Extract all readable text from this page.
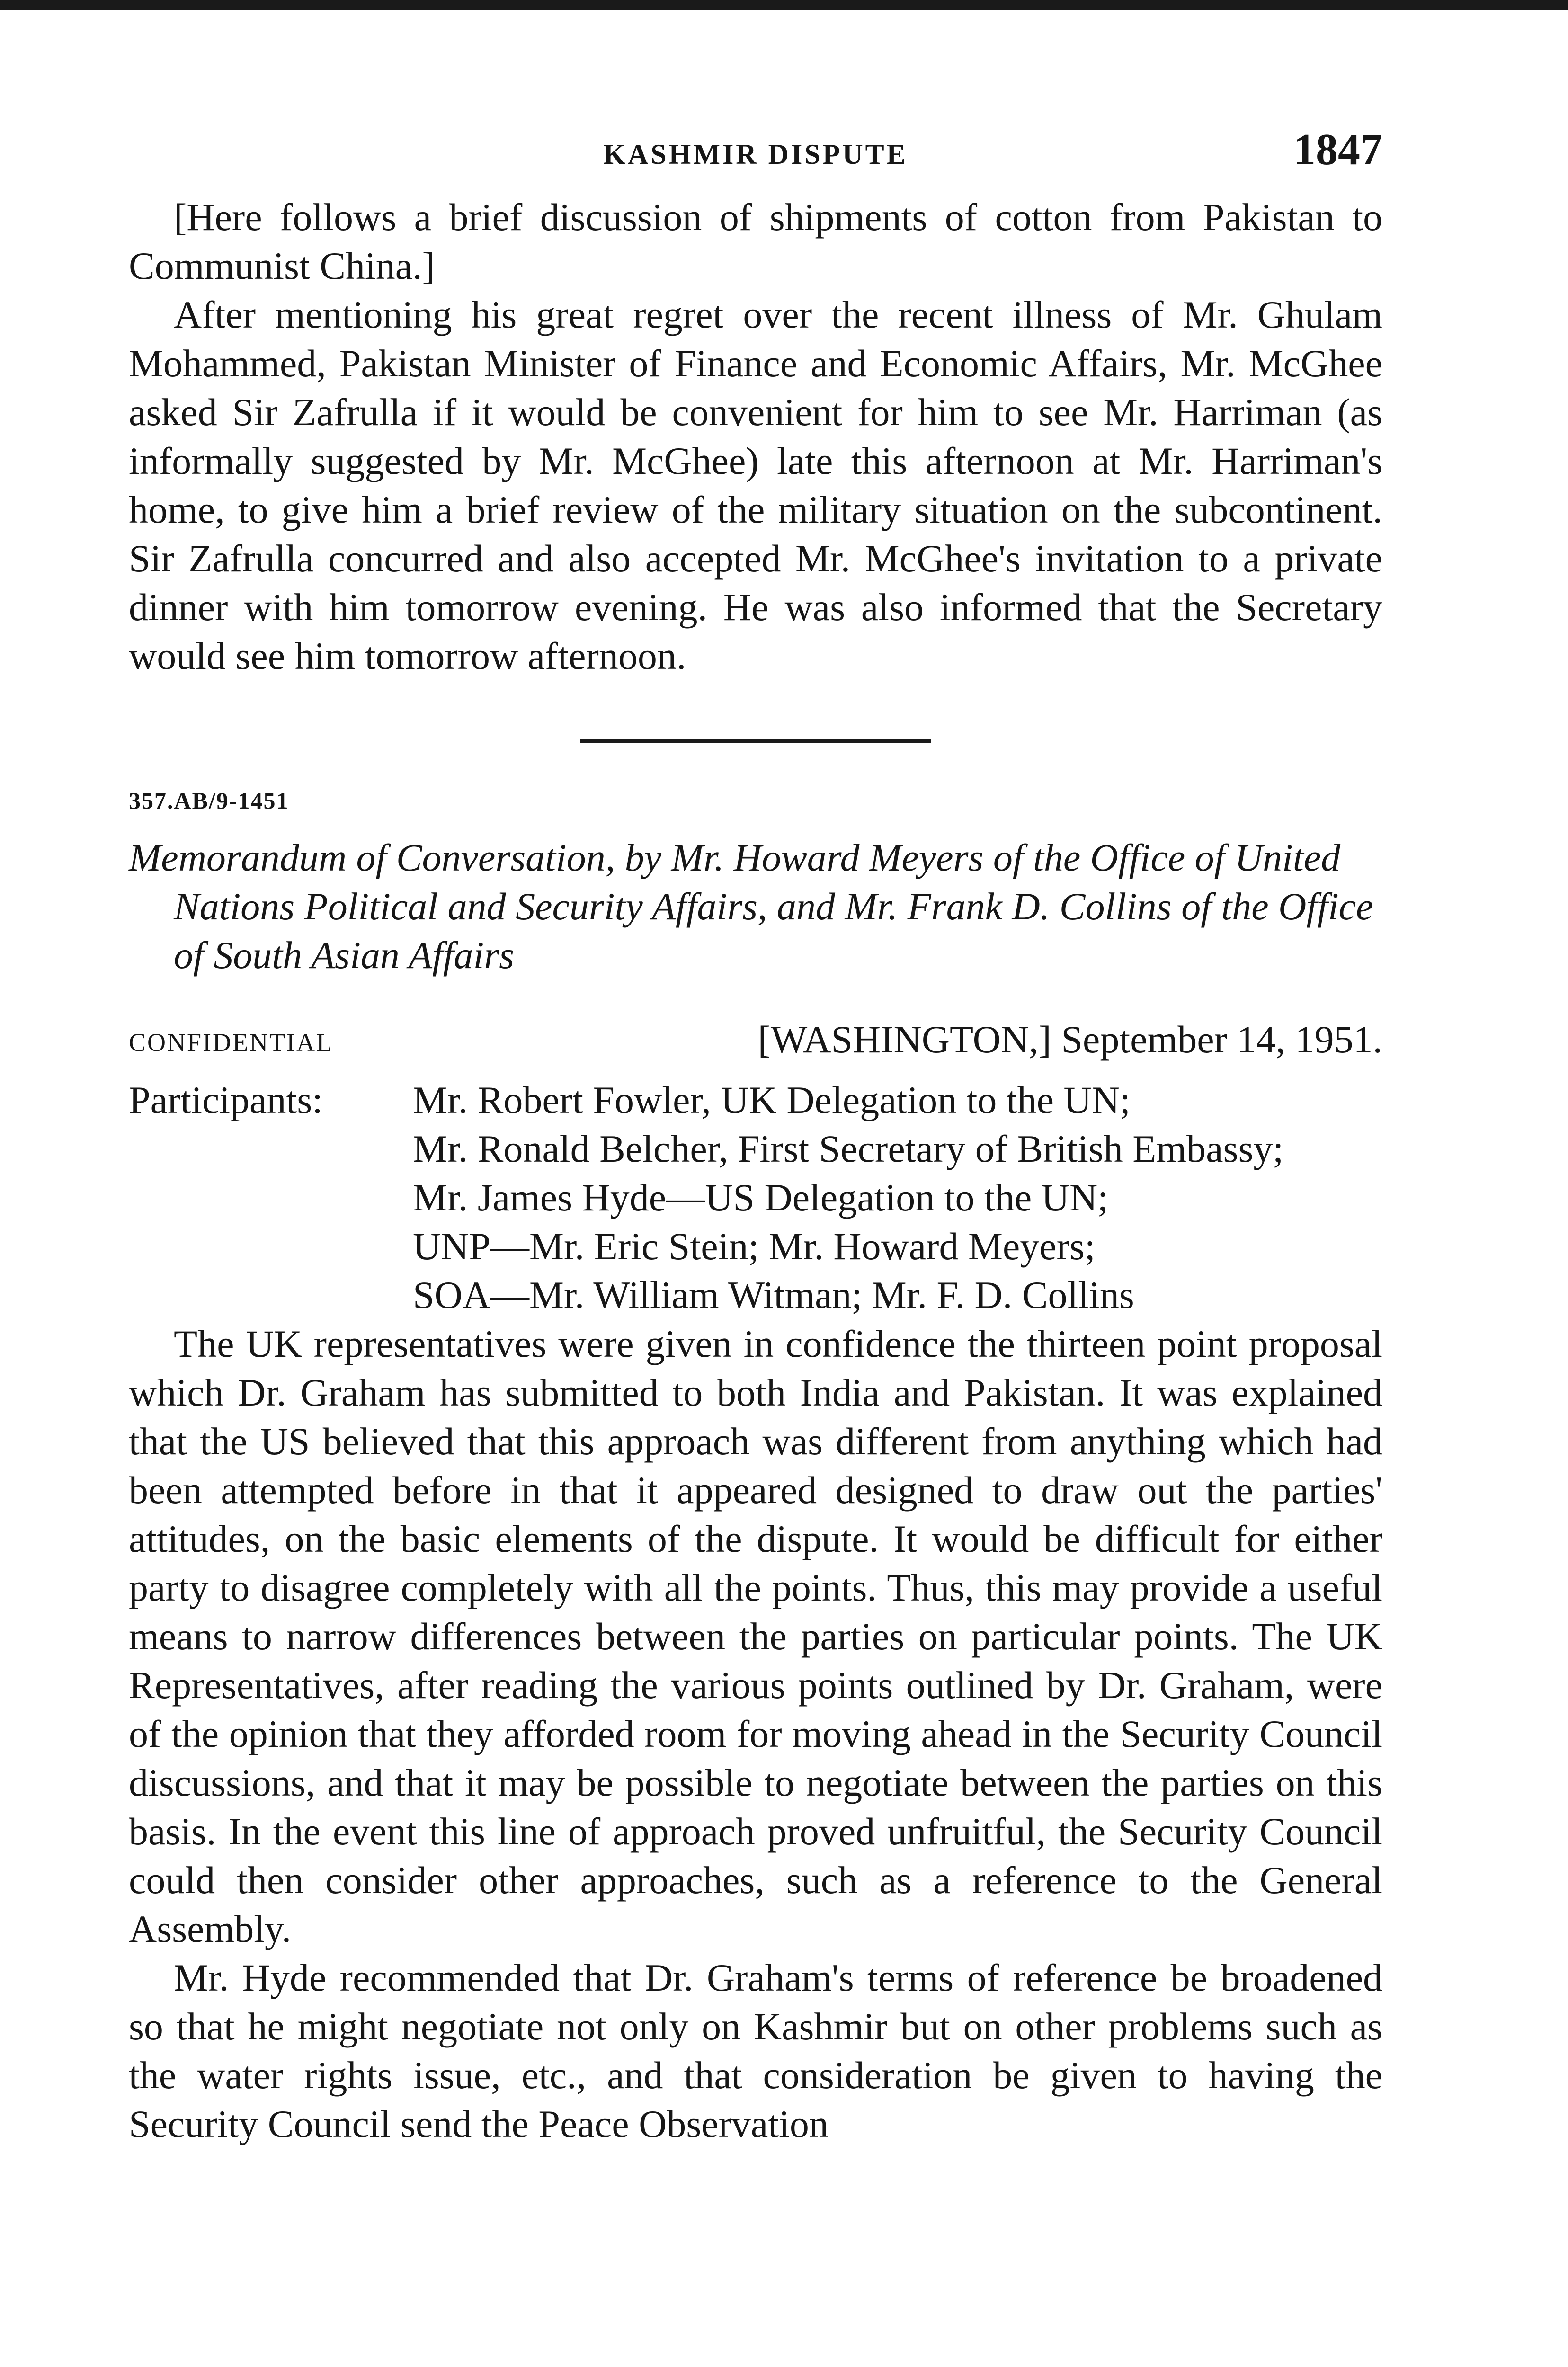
KASHMIR DISPUTE	1847

[Here follows a brief discussion of shipments of cotton from Pakistan to Communist China.]

After mentioning his great regret over the recent illness of Mr. Ghulam Mohammed, Pakistan Minister of Finance and Economic Affairs, Mr. McGhee asked Sir Zafrulla if it would be convenient for him to see Mr. Harriman (as informally suggested by Mr. McGhee) late this afternoon at Mr. Harriman's home, to give him a brief review of the military situation on the subcontinent. Sir Zafrulla concurred and also accepted Mr. McGhee's invitation to a private dinner with him tomorrow evening. He was also informed that the Secretary would see him tomorrow afternoon.

357.AB/9-1451
Memorandum of Conversation, by Mr. Howard Meyers of the Office of United Nations Political and Security Affairs, and Mr. Frank D. Collins of the Office of South Asian Affairs
CONFIDENTIAL	[WASHINGTON,] September 14, 1951.
Participants:	Mr. Robert Fowler, UK Delegation to the UN;
Mr. Ronald Belcher, First Secretary of British Embassy;
Mr. James Hyde—US Delegation to the UN;
UNP—Mr. Eric Stein; Mr. Howard Meyers;
SOA—Mr. William Witman; Mr. F. D. Collins

The UK representatives were given in confidence the thirteen point proposal which Dr. Graham has submitted to both India and Pakistan. It was explained that the US believed that this approach was different from anything which had been attempted before in that it appeared designed to draw out the parties' attitudes, on the basic elements of the dispute. It would be difficult for either party to disagree completely with all the points. Thus, this may provide a useful means to narrow differences between the parties on particular points. The UK Representatives, after reading the various points outlined by Dr. Graham, were of the opinion that they afforded room for moving ahead in the Security Council discussions, and that it may be possible to negotiate between the parties on this basis. In the event this line of approach proved unfruitful, the Security Council could then consider other approaches, such as a reference to the General Assembly.

Mr. Hyde recommended that Dr. Graham's terms of reference be broadened so that he might negotiate not only on Kashmir but on other problems such as the water rights issue, etc., and that consideration be given to having the Security Council send the Peace Observation
